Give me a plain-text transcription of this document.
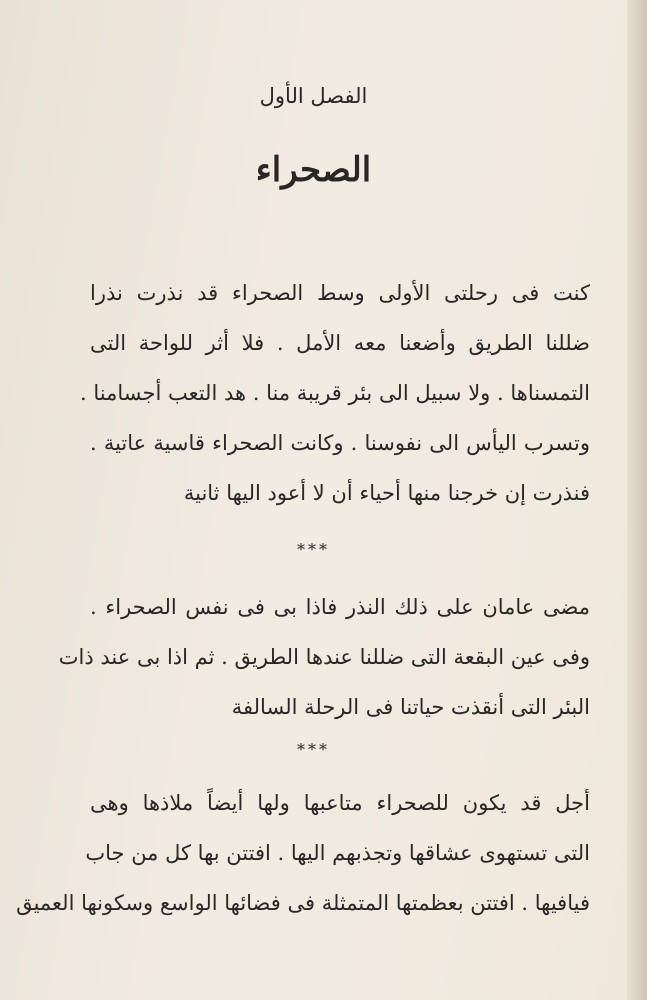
الفصل الأول
الصحراء
كنت فى رحلتى الأولى وسط الصحراء قد نذرت نذرا
ضللنا الطريق وأضعنا معه الأمل . فلا أثر للواحة التى
التمسناها . ولا سبيل الى بئر قريبة منا . هد التعب أجسامنا .
وتسرب اليأس الى نفوسنا . وكانت الصحراء قاسية عاتية .
فنذرت إن خرجنا منها أحياء أن لا أعود اليها ثانية
***
مضى عامان على ذلك النذر فاذا بى فى نفس الصحراء .
وفى عين البقعة التى ضللنا عندها الطريق . ثم اذا بى عند ذات
البئر التى أنقذت حياتنا فى الرحلة السالفة
***
أجل قد يكون للصحراء متاعبها ولها أيضاً ملاذها وهى
التى تستهوى عشاقها وتجذبهم اليها . افتتن بها كل من جاب
فيافيها . افتتن بعظمتها المتمثلة فى فضائها الواسع وسكونها العميق
